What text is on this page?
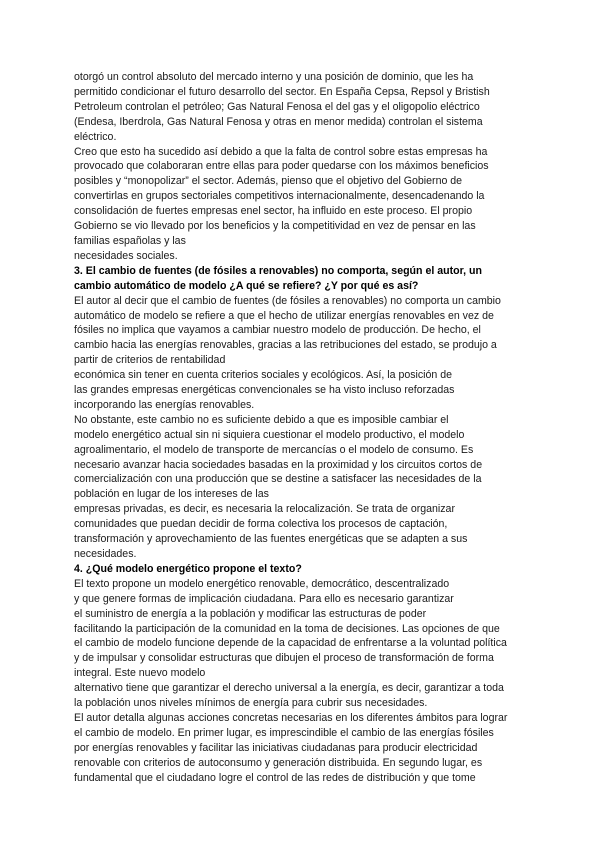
otorgó un control absoluto del mercado interno y una posición de dominio, que les ha
permitido condicionar el futuro desarrollo del sector. En España Cepsa, Repsol y Bristish
Petroleum controlan el petróleo; Gas Natural Fenosa el del gas y el oligopolio eléctrico
(Endesa, Iberdrola, Gas Natural Fenosa y otras en menor medida) controlan el sistema
eléctrico.
Creo que esto ha sucedido así debido a que la falta de control sobre estas empresas ha
provocado que colaboraran entre ellas para poder quedarse con los máximos beneficios
posibles y “monopolizar” el sector. Además, pienso que el objetivo del Gobierno de
convertirlas en grupos sectoriales competitivos internacionalmente, desencadenando la
consolidación de fuertes empresas enel sector, ha influido en este proceso. El propio
Gobierno se vio llevado por los beneficios y la competitividad en vez de pensar en las
familias españolas y las
necesidades sociales.
3. El cambio de fuentes (de fósiles a renovables) no comporta, según el autor, un
cambio automático de modelo ¿A qué se refiere? ¿Y por qué es así?
El autor al decir que el cambio de fuentes (de fósiles a renovables) no comporta un cambio
automático de modelo se refiere a que el hecho de utilizar energías renovables en vez de
fósiles no implica que vayamos a cambiar nuestro modelo de producción. De hecho, el
cambio hacia las energías renovables, gracias a las retribuciones del estado, se produjo a
partir de criterios de rentabilidad
económica sin tener en cuenta criterios sociales y ecológicos. Así, la posición de
las grandes empresas energéticas convencionales se ha visto incluso reforzadas
incorporando las energías renovables.
No obstante, este cambio no es suficiente debido a que es imposible cambiar el
modelo energético actual sin ni siquiera cuestionar el modelo productivo, el modelo
agroalimentario, el modelo de transporte de mercancías o el modelo de consumo. Es
necesario avanzar hacia sociedades basadas en la proximidad y los circuitos cortos de
comercialización con una producción que se destine a satisfacer las necesidades de la
población en lugar de los intereses de las
empresas privadas, es decir, es necesaria la relocalización. Se trata de organizar
comunidades que puedan decidir de forma colectiva los procesos de captación,
transformación y aprovechamiento de las fuentes energéticas que se adapten a sus
necesidades.
4. ¿Qué modelo energético propone el texto?
El texto propone un modelo energético renovable, democrático, descentralizado
y que genere formas de implicación ciudadana. Para ello es necesario garantizar
el suministro de energía a la población y modificar las estructuras de poder
facilitando la participación de la comunidad en la toma de decisiones. Las opciones de que
el cambio de modelo funcione depende de la capacidad de enfrentarse a la voluntad política
y de impulsar y consolidar estructuras que dibujen el proceso de transformación de forma
integral. Este nuevo modelo
alternativo tiene que garantizar el derecho universal a la energía, es decir, garantizar a toda
la población unos niveles mínimos de energía para cubrir sus necesidades.
El autor detalla algunas acciones concretas necesarias en los diferentes ámbitos para lograr
el cambio de modelo. En primer lugar, es imprescindible el cambio de las energías fósiles
por energías renovables y facilitar las iniciativas ciudadanas para producir electricidad
renovable con criterios de autoconsumo y generación distribuida. En segundo lugar, es
fundamental que el ciudadano logre el control de las redes de distribución y que tome
